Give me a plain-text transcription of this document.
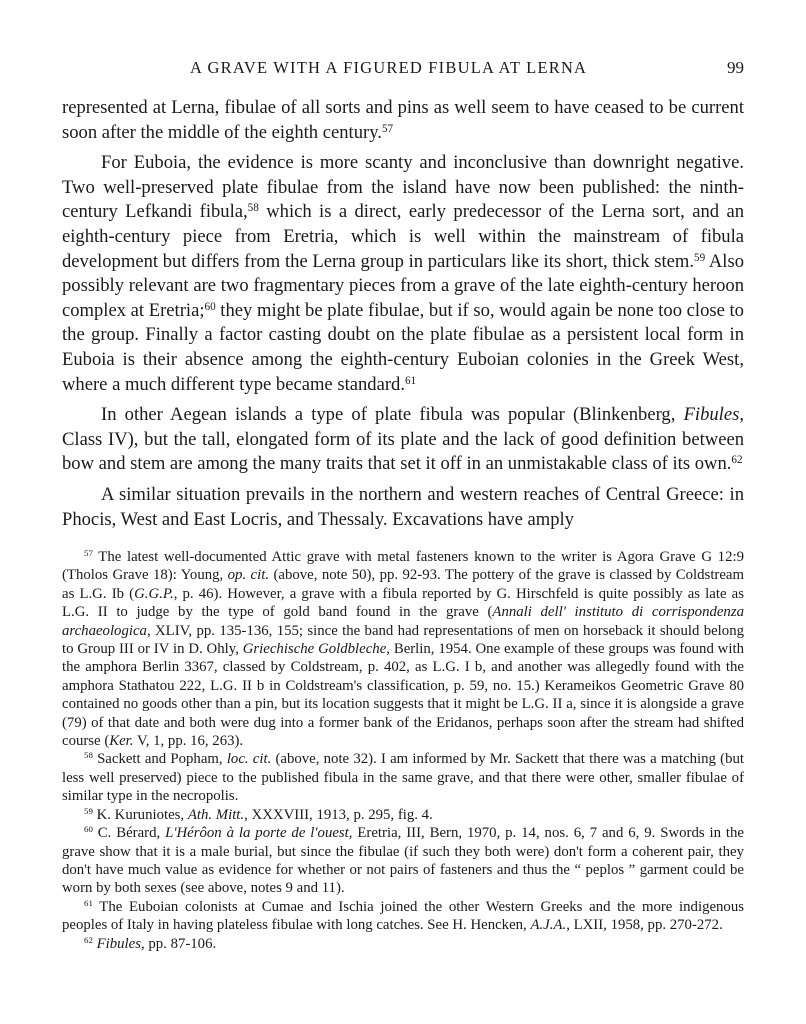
A GRAVE WITH A FIGURED FIBULA AT LERNA	99

represented at Lerna, fibulae of all sorts and pins as well seem to have ceased to be current soon after the middle of the eighth century.$^{57}$

For Euboia, the evidence is more scanty and inconclusive than downright negative. Two well-preserved plate fibulae from the island have now been published: the ninth-century Lefkandi fibula,$^{58}$ which is a direct, early predecessor of the Lerna sort, and an eighth-century piece from Eretria, which is well within the mainstream of fibula development but differs from the Lerna group in particulars like its short, thick stem.$^{59}$ Also possibly relevant are two fragmentary pieces from a grave of the late eighth-century heroon complex at Eretria;$^{60}$ they might be plate fibulae, but if so, would again be none too close to the group. Finally a factor casting doubt on the plate fibulae as a persistent local form in Euboia is their absence among the eighth-century Euboian colonies in the Greek West, where a much different type became standard.$^{61}$

In other Aegean islands a type of plate fibula was popular (Blinkenberg, Fibules, Class IV), but the tall, elongated form of its plate and the lack of good definition between bow and stem are among the many traits that set it off in an unmistakable class of its own.$^{62}$

A similar situation prevails in the northern and western reaches of Central Greece: in Phocis, West and East Locris, and Thessaly. Excavations have amply

$^{57}$ The latest well-documented Attic grave with metal fasteners known to the writer is Agora Grave G 12:9 (Tholos Grave 18): Young, op. cit. (above, note 50), pp. 92-93. The pottery of the grave is classed by Coldstream as L.G. Ib (G.G.P., p. 46). However, a grave with a fibula reported by G. Hirschfeld is quite possibly as late as L.G. II to judge by the type of gold band found in the grave (Annali dell' instituto di corrispondenza archaeologica, XLIV, pp. 135-136, 155; since the band had representations of men on horseback it should belong to Group III or IV in D. Ohly, Griechische Goldbleche, Berlin, 1954. One example of these groups was found with the amphora Berlin 3367, classed by Coldstream, p. 402, as L.G. I b, and another was allegedly found with the amphora Stathatou 222, L.G. II b in Coldstream's classification, p. 59, no. 15.) Kerameikos Geometric Grave 80 contained no goods other than a pin, but its location suggests that it might be L.G. II a, since it is alongside a grave (79) of that date and both were dug into a former bank of the Eridanos, perhaps soon after the stream had shifted course (Ker. V, 1, pp. 16, 263).

$^{58}$ Sackett and Popham, loc. cit. (above, note 32). I am informed by Mr. Sackett that there was a matching (but less well preserved) piece to the published fibula in the same grave, and that there were other, smaller fibulae of similar type in the necropolis.

$^{59}$ K. Kuruniotes, Ath. Mitt., XXXVIII, 1913, p. 295, fig. 4.

$^{60}$ C. Bérard, L'Hérôon à la porte de l'ouest, Eretria, III, Bern, 1970, p. 14, nos. 6, 7 and 6, 9. Swords in the grave show that it is a male burial, but since the fibulae (if such they both were) don't form a coherent pair, they don't have much value as evidence for whether or not pairs of fasteners and thus the “ peplos ” garment could be worn by both sexes (see above, notes 9 and 11).

$^{61}$ The Euboian colonists at Cumae and Ischia joined the other Western Greeks and the more indigenous peoples of Italy in having plateless fibulae with long catches. See H. Hencken, A.J.A., LXII, 1958, pp. 270-272.

$^{62}$ Fibules, pp. 87-106.
